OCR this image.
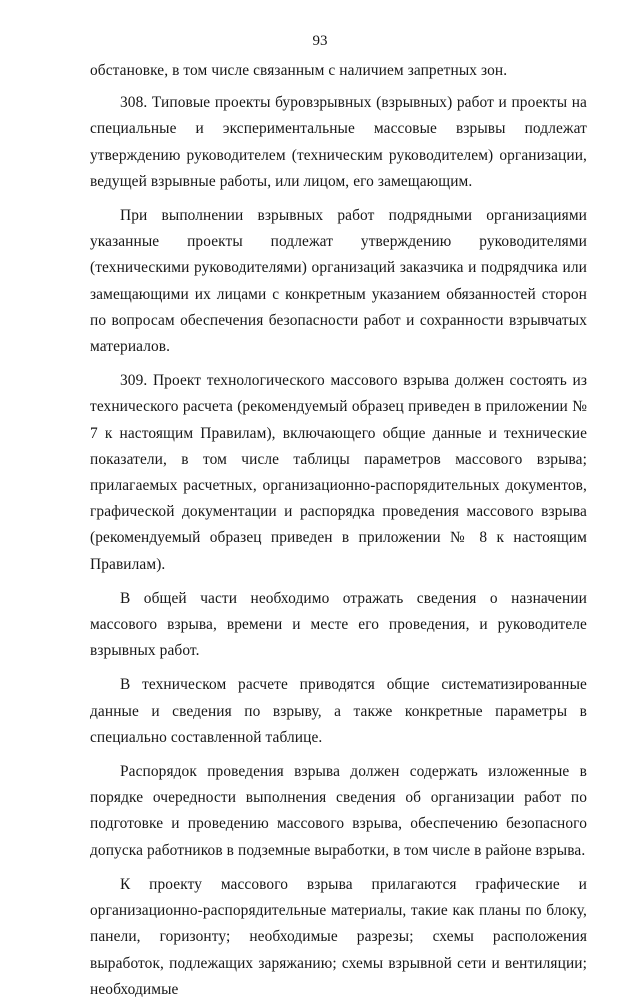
93

обстановке, в том числе связанным с наличием запретных зон.

308. Типовые проекты буровзрывных (взрывных) работ и проекты на специальные и экспериментальные массовые взрывы подлежат утверждению руководителем (техническим руководителем) организации, ведущей взрывные работы, или лицом, его замещающим.

При выполнении взрывных работ подрядными организациями указанные проекты подлежат утверждению руководителями (техническими руководителями) организаций заказчика и подрядчика или замещающими их лицами с конкретным указанием обязанностей сторон по вопросам обеспечения безопасности работ и сохранности взрывчатых материалов.

309. Проект технологического массового взрыва должен состоять из технического расчета (рекомендуемый образец приведен в приложении № 7 к настоящим Правилам), включающего общие данные и технические показатели, в том числе таблицы параметров массового взрыва; прилагаемых расчетных, организационно-распорядительных документов, графической документации и распорядка проведения массового взрыва (рекомендуемый образец приведен в приложении № 8 к настоящим Правилам).

В общей части необходимо отражать сведения о назначении массового взрыва, времени и месте его проведения, и руководителе взрывных работ.

В техническом расчете приводятся общие систематизированные данные и сведения по взрыву, а также конкретные параметры в специально составленной таблице.

Распорядок проведения взрыва должен содержать изложенные в порядке очередности выполнения сведения об организации работ по подготовке и проведению массового взрыва, обеспечению безопасного допуска работников в подземные выработки, в том числе в районе взрыва.

К проекту массового взрыва прилагаются графические и организационно-распорядительные материалы, такие как планы по блоку, панели, горизонту; необходимые разрезы; схемы расположения выработок, подлежащих заряжанию; схемы взрывной сети и вентиляции; необходимые
